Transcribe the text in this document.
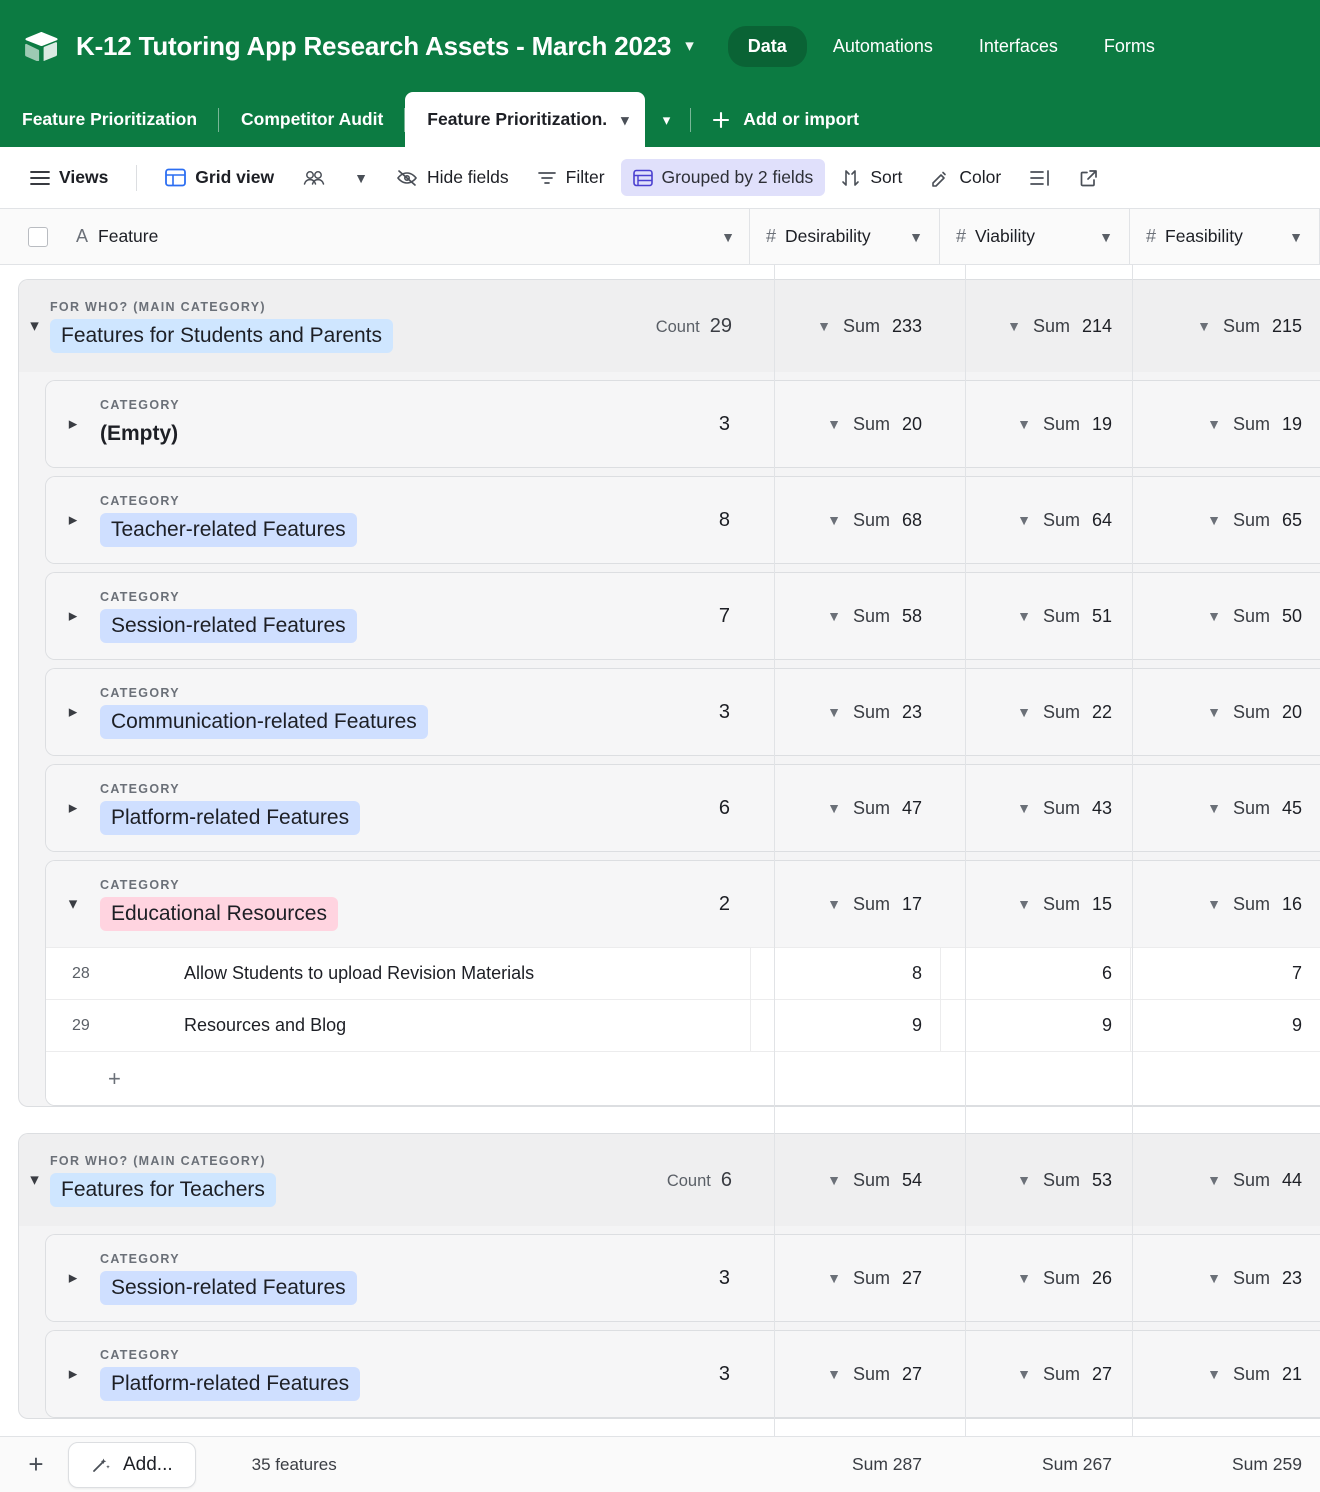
K-12 Tutoring App Research Assets - March 2023 ▾	Data	Automations	Interfaces	Forms
Feature Prioritization	Competitor Audit	Feature Prioritization. ▾ ▾	Add or import
Views	Grid view	▼	Hide fields	Filter	Grouped by 2 fields	Sort	Color
A Feature	▼ # Desirability	▼ # Viability	▼ # Feasibility	▼
▾
FOR WHO? (MAIN CATEGORY)
Features for Students and Parents	Count 29	▼ Sum 233	▼ Sum 214	▼ Sum 215
▸
CATEGORY
(Empty)	3	▼ Sum 20	▼ Sum 19	▼ Sum 19
▸
CATEGORY
Teacher-related Features	8	▼ Sum 68	▼ Sum 64	▼ Sum 65
▸
CATEGORY
Session-related Features	7	▼ Sum 58	▼ Sum 51	▼ Sum 50
▸
CATEGORY
Communication-related Features	3	▼ Sum 23	▼ Sum 22	▼ Sum 20
▸
CATEGORY
Platform-related Features	6	▼ Sum 47	▼ Sum 43	▼ Sum 45
▾
CATEGORY
Educational Resources	2	▼ Sum 17	▼ Sum 15	▼ Sum 16
28	Allow Students to upload Revision Materials	8	6	7
29	Resources and Blog	9	9	9
+
▾
FOR WHO? (MAIN CATEGORY)
Features for Teachers	Count 6	▼ Sum 54	▼ Sum 53	▼ Sum 44
▸
CATEGORY
Session-related Features	3	▼ Sum 27	▼ Sum 26	▼ Sum 23
▸
CATEGORY
Platform-related Features	3	▼ Sum 27	▼ Sum 27	▼ Sum 21
+	Add...	35 features	Sum 287	Sum 267	Sum 259
